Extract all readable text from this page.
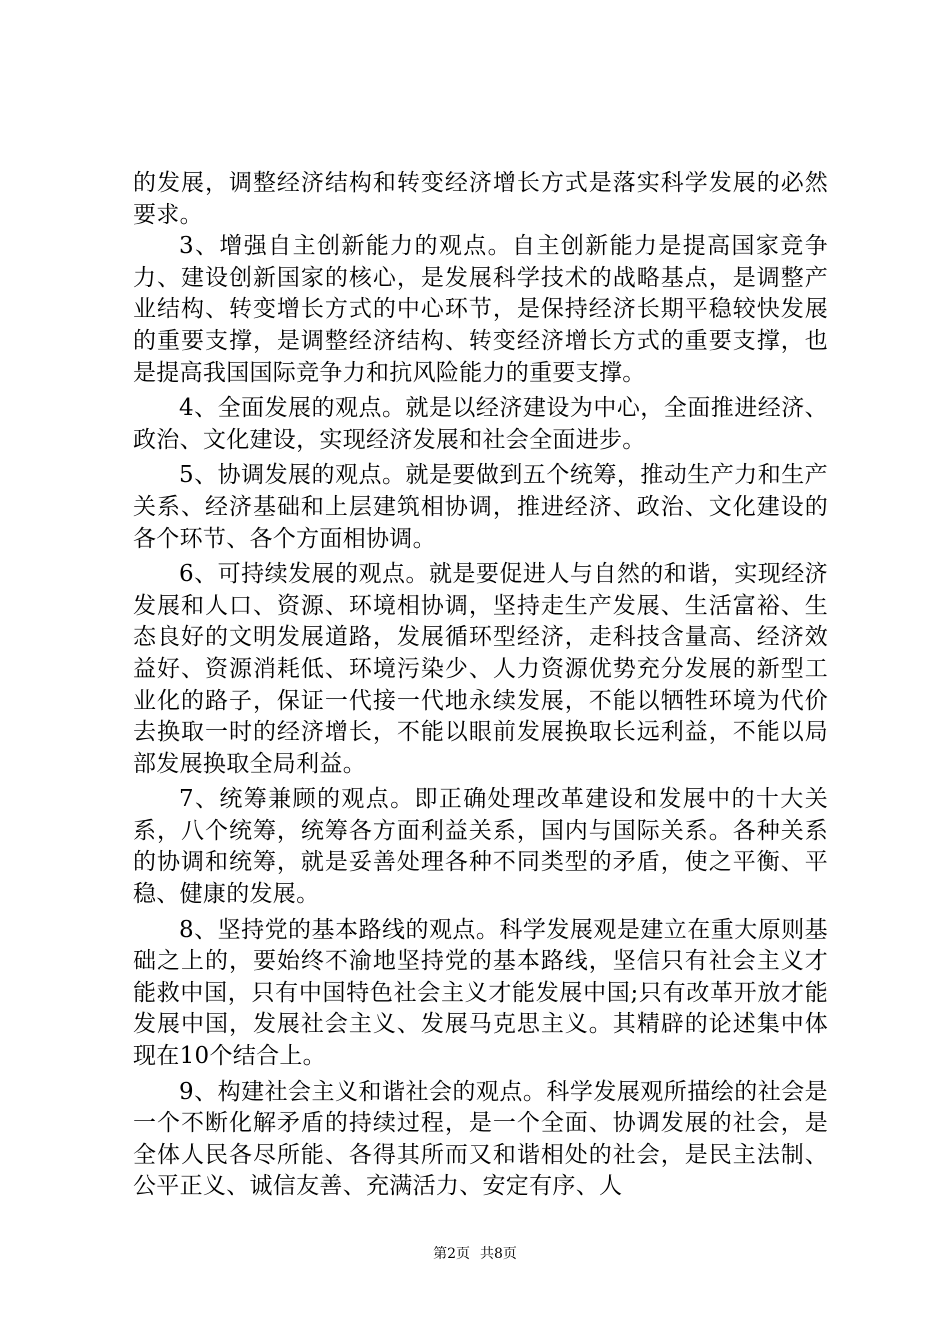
的发展，调整经济结构和转变经济增长方式是落实科学发展的必然要求。

3、增强自主创新能力的观点。自主创新能力是提高国家竞争力、建设创新国家的核心，是发展科学技术的战略基点，是调整产业结构、转变增长方式的中心环节，是保持经济长期平稳较快发展的重要支撑，是调整经济结构、转变经济增长方式的重要支撑，也是提高我国国际竞争力和抗风险能力的重要支撑。

4、全面发展的观点。就是以经济建设为中心，全面推进经济、政治、文化建设，实现经济发展和社会全面进步。

5、协调发展的观点。就是要做到五个统筹，推动生产力和生产关系、经济基础和上层建筑相协调，推进经济、政治、文化建设的各个环节、各个方面相协调。

6、可持续发展的观点。就是要促进人与自然的和谐，实现经济发展和人口、资源、环境相协调，坚持走生产发展、生活富裕、生态良好的文明发展道路，发展循环型经济，走科技含量高、经济效益好、资源消耗低、环境污染少、人力资源优势充分发展的新型工业化的路子，保证一代接一代地永续发展，不能以牺牲环境为代价去换取一时的经济增长，不能以眼前发展换取长远利益，不能以局部发展换取全局利益。

7、统筹兼顾的观点。即正确处理改革建设和发展中的十大关系，八个统筹，统筹各方面利益关系，国内与国际关系。各种关系的协调和统筹，就是妥善处理各种不同类型的矛盾，使之平衡、平稳、健康的发展。

8、坚持党的基本路线的观点。科学发展观是建立在重大原则基础之上的，要始终不渝地坚持党的基本路线，坚信只有社会主义才能救中国，只有中国特色社会主义才能发展中国;只有改革开放才能发展中国，发展社会主义、发展马克思主义。其精辟的论述集中体现在10个结合上。

9、构建社会主义和谐社会的观点。科学发展观所描绘的社会是一个不断化解矛盾的持续过程，是一个全面、协调发展的社会，是全体人民各尽所能、各得其所而又和谐相处的社会，是民主法制、公平正义、诚信友善、充满活力、安定有序、人

第2页 共8页
